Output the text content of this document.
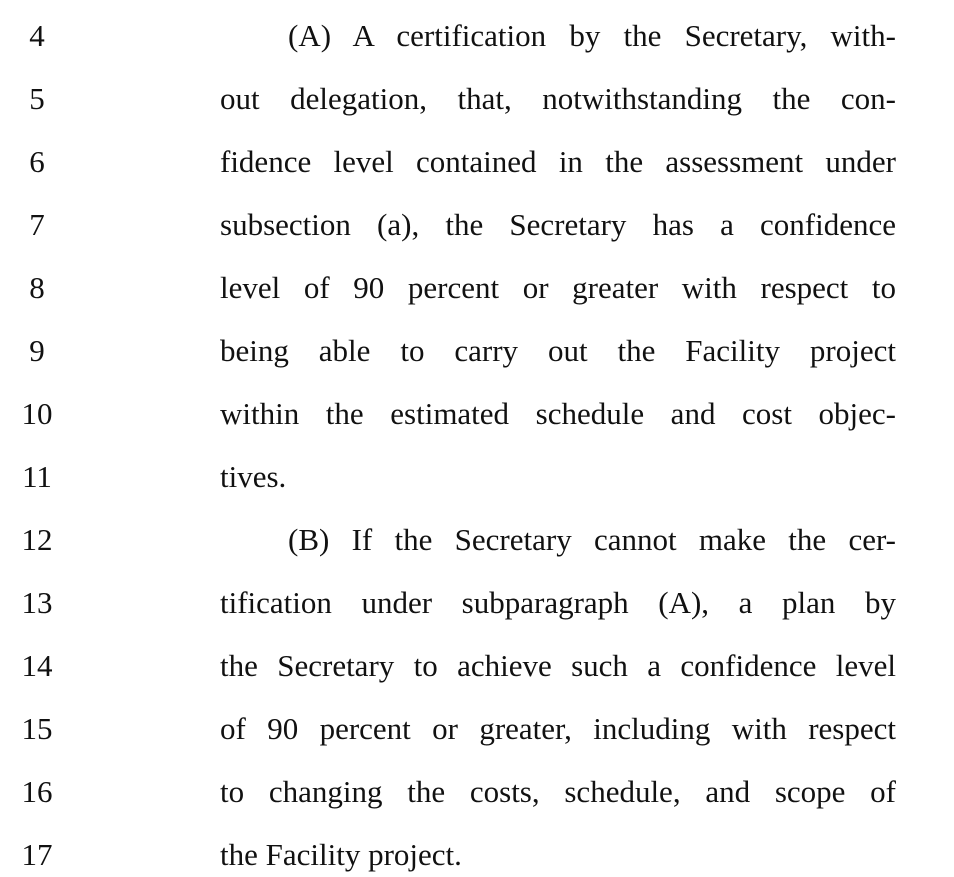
4	(A) A certification by the Secretary, with-
5	out delegation, that, notwithstanding the con-
6	fidence level contained in the assessment under
7	subsection (a), the Secretary has a confidence
8	level of 90 percent or greater with respect to
9	being able to carry out the Facility project
10	within the estimated schedule and cost objec-
11	tives.
12	(B) If the Secretary cannot make the cer-
13	tification under subparagraph (A), a plan by
14	the Secretary to achieve such a confidence level
15	of 90 percent or greater, including with respect
16	to changing the costs, schedule, and scope of
17	the Facility project.
